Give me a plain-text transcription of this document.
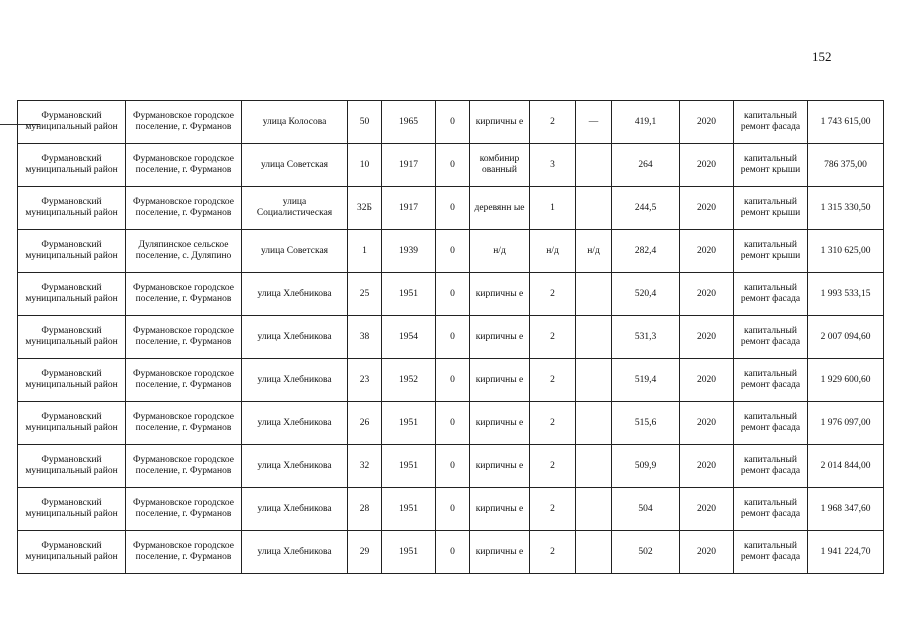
152
Фурмановский муниципальный район	Фурмановское городское поселение, г. Фурманов	улица Колосова	50	1965	0	кирпичны е	2	—	419,1	2020	капитальный ремонт фасада	1 743 615,00
Фурмановский муниципальный район	Фурмановское городское поселение, г. Фурманов	улица Советская	10	1917	0	комбинир ованный	3		264	2020	капитальный ремонт крыши	786 375,00
Фурмановский муниципальный район	Фурмановское городское поселение, г. Фурманов	улица Социалистическая	32Б	1917	0	деревянн ые	1		244,5	2020	капитальный ремонт крыши	1 315 330,50
Фурмановский муниципальный район	Дуляпинское сельское поселение, с. Дуляпино	улица Советская	1	1939	0	н/д	н/д	н/д	282,4	2020	капитальный ремонт крыши	1 310 625,00
Фурмановский муниципальный район	Фурмановское городское поселение, г. Фурманов	улица Хлебникова	25	1951	0	кирпичны е	2		520,4	2020	капитальный ремонт фасада	1 993 533,15
Фурмановский муниципальный район	Фурмановское городское поселение, г. Фурманов	улица Хлебникова	38	1954	0	кирпичны е	2		531,3	2020	капитальный ремонт фасада	2 007 094,60
Фурмановский муниципальный район	Фурмановское городское поселение, г. Фурманов	улица Хлебникова	23	1952	0	кирпичны е	2		519,4	2020	капитальный ремонт фасада	1 929 600,60
Фурмановский муниципальный район	Фурмановское городское поселение, г. Фурманов	улица Хлебникова	26	1951	0	кирпичны е	2		515,6	2020	капитальный ремонт фасада	1 976 097,00
Фурмановский муниципальный район	Фурмановское городское поселение, г. Фурманов	улица Хлебникова	32	1951	0	кирпичны е	2		509,9	2020	капитальный ремонт фасада	2 014 844,00
Фурмановский муниципальный район	Фурмановское городское поселение, г. Фурманов	улица Хлебникова	28	1951	0	кирпичны е	2		504	2020	капитальный ремонт фасада	1 968 347,60
Фурмановский муниципальный район	Фурмановское городское поселение, г. Фурманов	улица Хлебникова	29	1951	0	кирпичны е	2		502	2020	капитальный ремонт фасада	1 941 224,70
